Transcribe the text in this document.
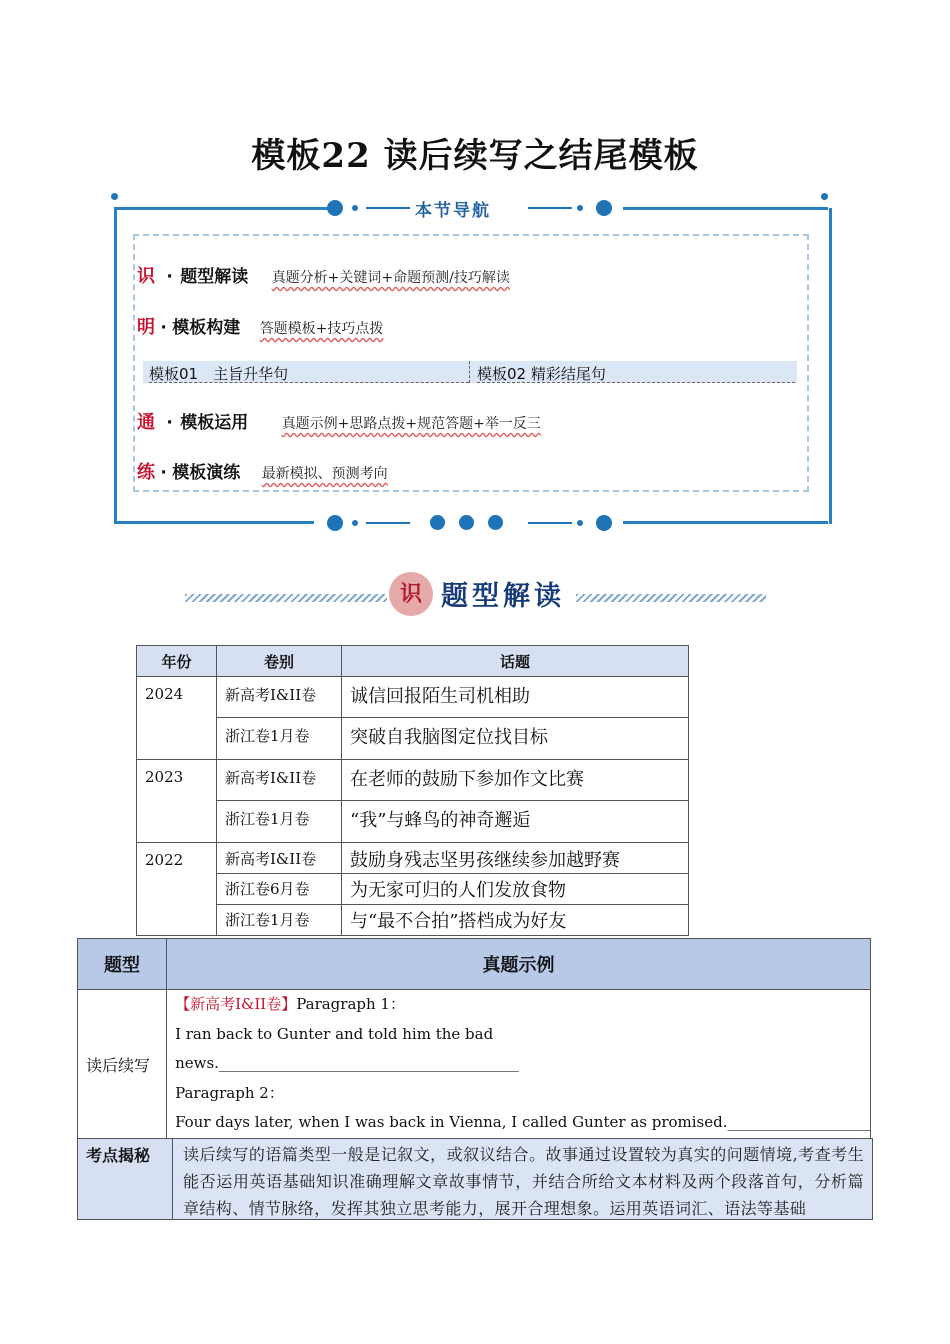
模板22 读后续写之结尾模板
本节导航
识 · 题型解读 真题分析+关键词+命题预测/技巧解读
明 · 模板构建 答题模板+技巧点拨
模板01　主旨升华句	模板02 精彩结尾句
通 · 模板运用 真题示例+思路点拨+规范答题+举一反三
练 · 模板演练 最新模拟、预测考向
识 题型解读
年份	卷别	话题
2024	新高考I&II卷	诚信回报陌生司机相助
	浙江卷1月卷	突破自我脑图定位找目标
2023	新高考I&II卷	在老师的鼓励下参加作文比赛
	浙江卷1月卷	“我”与蜂鸟的神奇邂逅
2022	新高考I&II卷	鼓励身残志坚男孩继续参加越野赛
	浙江卷6月卷	为无家可归的人们发放食物
	浙江卷1月卷	与“最不合拍”搭档成为好友
题型	真题示例
读后续写	【新高考I&II卷】Paragraph 1：
I ran back to Gunter and told him the bad
news.________________________________________
Paragraph 2：
Four days later, when I was back in Vienna, I called Gunter as promised.___________________
考点揭秘	读后续写的语篇类型一般是记叙文，或叙议结合。故事通过设置较为真实的问题情境,考查考生能否运用英语基础知识准确理解文章故事情节，并结合所给文本材料及两个段落首句，分析篇章结构、情节脉络，发挥其独立思考能力，展开合理想象。运用英语词汇、语法等基础
